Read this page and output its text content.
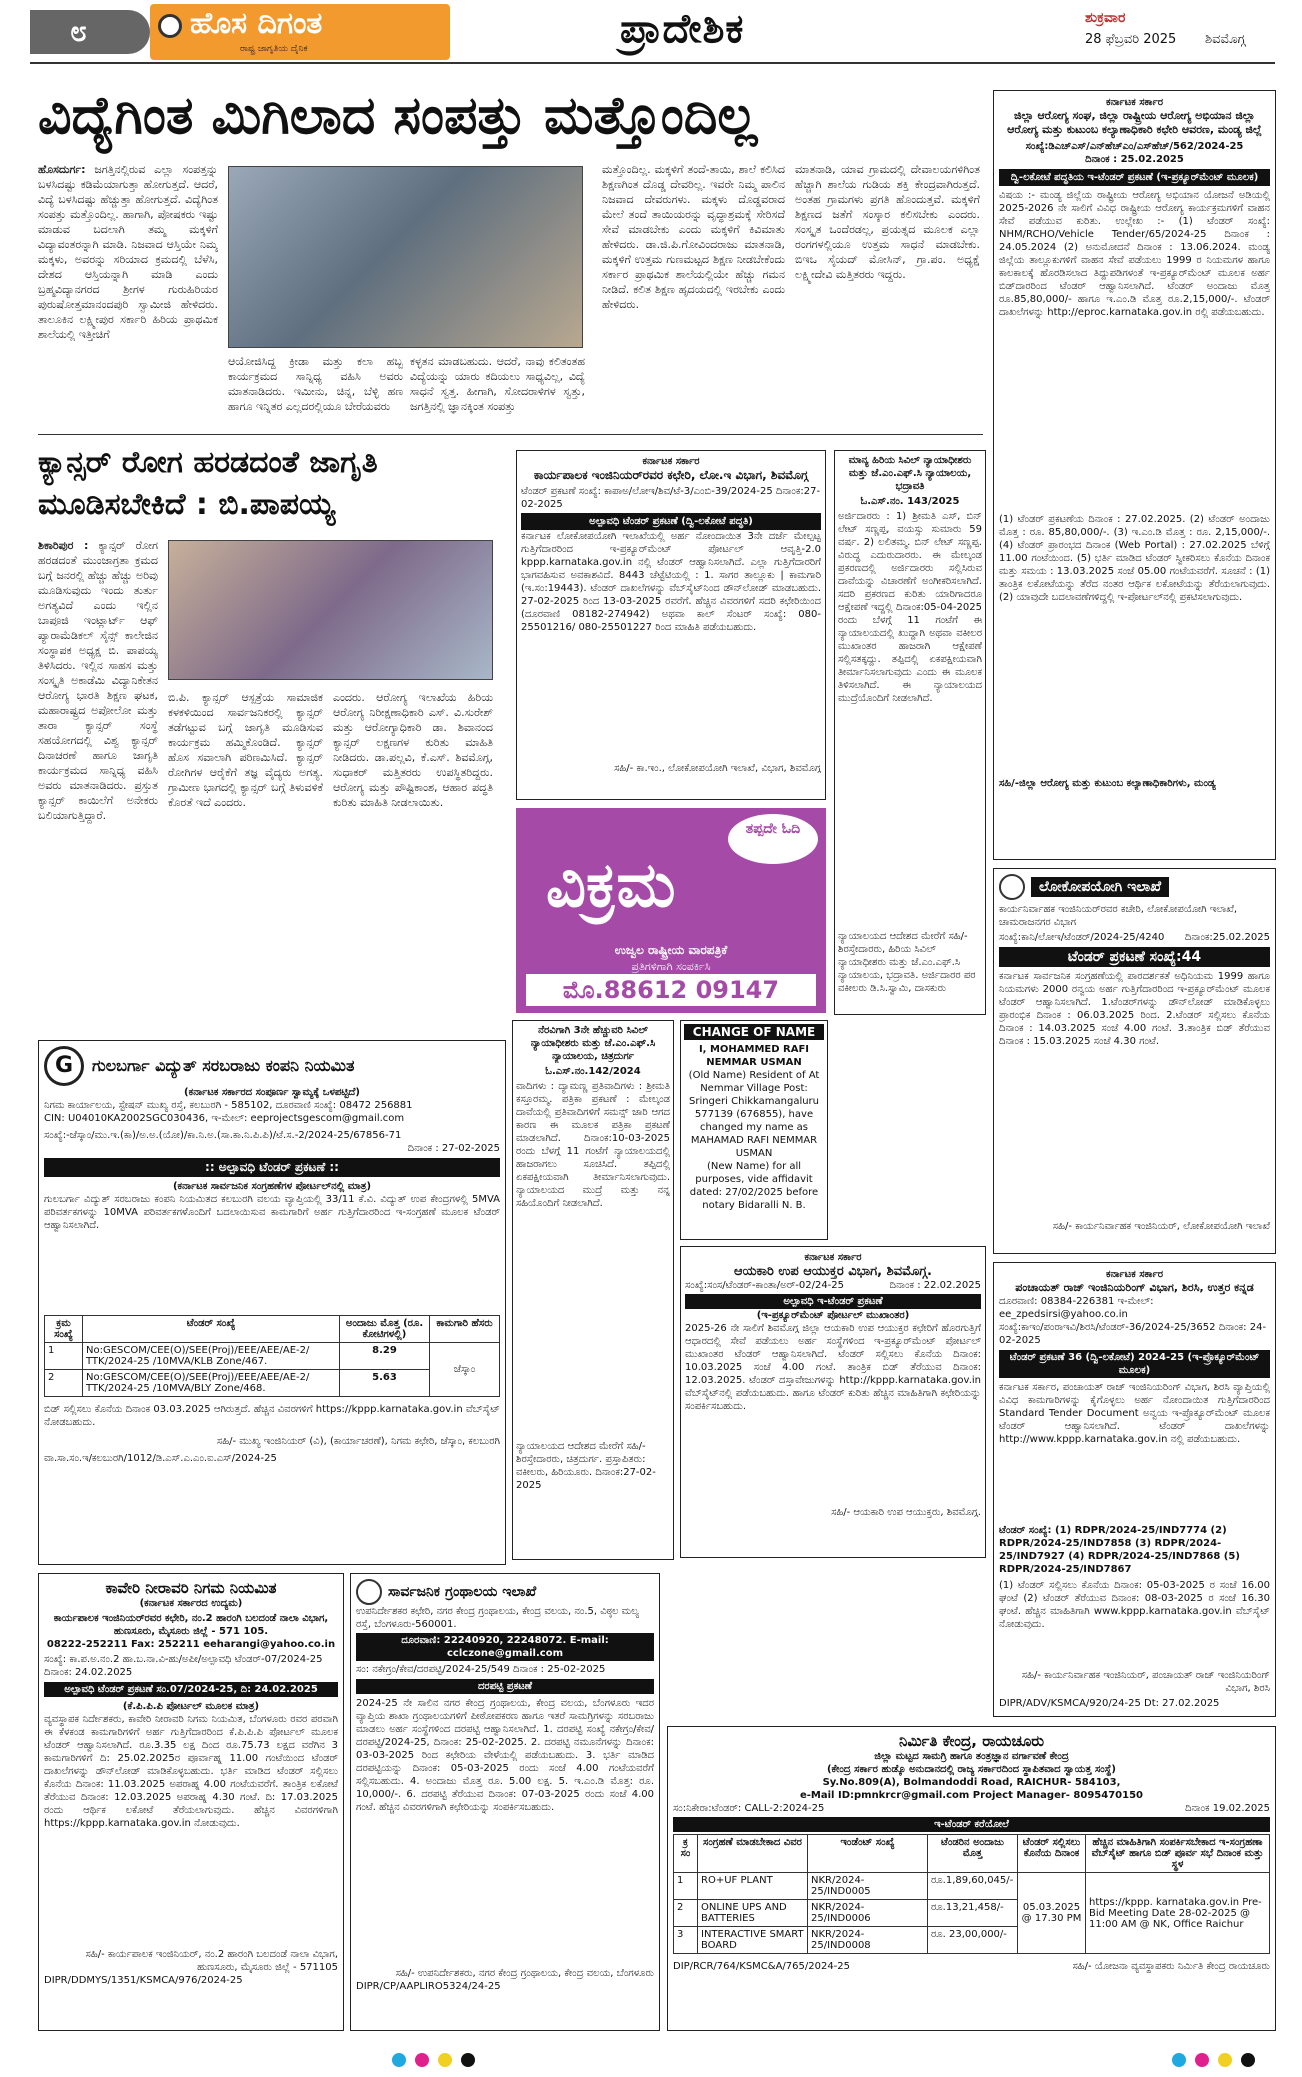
೮	ಹೊಸ ದಿಗಂತ
ರಾಷ್ಟ್ರ ಜಾಗೃತಿಯ ದೈನಿಕ	ಪ್ರಾದೇಶಿಕ	ಶುಕ್ರವಾರ
28 ಫೆಬ್ರವರಿ 2025 ಶಿವಮೊಗ್ಗ
ವಿದ್ಯೆಗಿಂತ ಮಿಗಿಲಾದ ಸಂಪತ್ತು ಮತ್ತೊಂದಿಲ್ಲ
ಹೊಸದುರ್ಗ: ಜಗತ್ತಿನಲ್ಲಿರುವ ಎಲ್ಲಾ ಸಂಪತ್ತನ್ನು ಬಳಸಿದಷ್ಟು ಕಡಿಮೆಯಾಗುತ್ತಾ ಹೋಗುತ್ತದೆ. ಆದರೆ, ವಿದ್ಯೆ ಬಳಸಿದಷ್ಟು ಹೆಚ್ಚುತ್ತಾ ಹೋಗುತ್ತದೆ. ವಿದ್ಯೆಗಿಂತ ಸಂಪತ್ತು ಮತ್ತೊಂದಿಲ್ಲ. ಹಾಗಾಗಿ, ಪೋಷಕರು ಇಷ್ಟು ಮಾಡುವ ಬದಲಾಗಿ ತಮ್ಮ ಮಕ್ಕಳಿಗೆ ವಿದ್ಯಾವಂತರನ್ನಾಗಿ ಮಾಡಿ. ನಿಜವಾದ ಆಸ್ತಿಯೇ ನಿಮ್ಮ ಮಕ್ಕಳು, ಅವರನ್ನು ಸರಿಯಾದ ಕ್ರಮದಲ್ಲಿ ಬೆಳೆಸಿ, ದೇಶದ ಆಸ್ತಿಯನ್ನಾಗಿ ಮಾಡಿ ಎಂದು ಬ್ರಹ್ಮವಿದ್ಯಾನಗರದ ಶ್ರೀಗಳ ಗುರುಹಿರಿಯರ ಪುರುಷೋತ್ತಮಾನಂದಪುರಿ ಸ್ವಾಮೀಜಿ ಹೇಳಿದರು. ತಾಲೂಕಿನ ಲಕ್ಷ್ಮೀಪುರ ಸರ್ಕಾರಿ ಹಿರಿಯ ಪ್ರಾಥಮಿಕ ಶಾಲೆಯಲ್ಲಿ ಇತ್ತೀಚಿಗೆ
ಆಯೋಜಿಸಿದ್ದ ಕ್ರೀಡಾ ಮತ್ತು ಕಲಾ ಹಬ್ಬ ಕಾರ್ಯಕ್ರಮದ ಸಾನ್ನಿಧ್ಯ ವಹಿಸಿ ಅವರು ಮಾತನಾಡಿದರು. ಇಮೀನು, ಚಿನ್ನ, ಬೆಳ್ಳಿ ಹಣ ಹಾಗೂ ಇನ್ನಿತರ ಎಲ್ಲದರಲ್ಲಿಯೂ ಬೇರೆಯವರು
ಕಳ್ಳತನ ಮಾಡಬಹುದು. ಆದರೆ, ನಾವು ಕಲಿತಂತಹ ವಿದ್ಯೆಯನ್ನು ಯಾರು ಕದಿಯಲು ಸಾಧ್ಯವಿಲ್ಲ, ವಿದ್ಯೆ ಸಾಧನೆ ಸ್ವತ್ತ. ಹೀಗಾಗಿ, ಸೋದರಾಳಿಗಳ ಸ್ವತ್ತು, ಜಗತ್ತಿನಲ್ಲಿ ಜ್ಞಾನಕ್ಕಿಂತ ಸಂಪತ್ತು
ಮತ್ತೊಂದಿಲ್ಲ. ಮಕ್ಕಳಿಗೆ ತಂದೆ-ತಾಯಿ, ಶಾಲೆ ಕಲಿಸಿದ ಶಿಕ್ಷಣಗಿಂತ ದೊಡ್ಡ ದೇವರಿಲ್ಲ. ಇವರೇ ನಿಮ್ಮ ಪಾಲಿನ ನಿಜವಾದ ದೇವರುಗಳು. ಮಕ್ಕಳು ದೊಡ್ಡವರಾದ ಮೇಲೆ ತಂದೆ ತಾಯಿಯರನ್ನು ವೃದ್ಧಾಶ್ರಮಕ್ಕೆ ಸೇರಿಸದೆ ಸೇವೆ ಮಾಡಬೇಕು ಎಂದು ಮಕ್ಕಳಿಗೆ ಕಿವಿಮಾತು ಹೇಳಿದರು. ಡಾ.ಜಿ.ಪಿ.ಗೋವಿಂದರಾಜು ಮಾತನಾಡಿ, ಮಕ್ಕಳಿಗೆ ಉತ್ತಮ ಗುಣಮಟ್ಟದ ಶಿಕ್ಷಣ ನೀಡಬೇಕೆಂದು ಸರ್ಕಾರ ಪ್ರಾಥಮಿಕ ಶಾಲೆಯಲ್ಲಿಯೇ ಹೆಚ್ಚು ಗಮನ ನೀಡಿದೆ. ಕಲಿತ ಶಿಕ್ಷಣ ಹೃದಯದಲ್ಲಿ ಇರಬೇಕು ಎಂದು ಹೇಳಿದರು.
ಮಾತನಾಡಿ, ಯಾವ ಗ್ರಾಮದಲ್ಲಿ ದೇವಾಲಯಗಳಿಗಿಂತ ಹೆಚ್ಚಾಗಿ ಶಾಲೆಯ ಗುಡಿಯ ಶಕ್ತಿ ಕೇಂದ್ರವಾಗಿರುತ್ತದೆ. ಅಂತಹ ಗ್ರಾಮಗಳು ಪ್ರಗತಿ ಹೊಂದುತ್ತವೆ. ಮಕ್ಕಳಿಗೆ ಶಿಕ್ಷಣದ ಜತೆಗೆ ಸಂಸ್ಕಾರ ಕಲಿಸಬೇಕು ಎಂದರು. ಸಂಸ್ಕೃತ ಒಂದೆರಡಲ್ಲ, ಪ್ರಯತ್ನದ ಮೂಲಕ ಎಲ್ಲಾ ರಂಗಗಳಲ್ಲಿಯೂ ಉತ್ತಮ ಸಾಧನೆ ಮಾಡಬೇಕು. ಬಿಇಒ ಸೈಯದ್ ಮೋಸಿನ್, ಗ್ರಾ.ಪಂ. ಅಧ್ಯಕ್ಷೆ ಲಕ್ಷ್ಮೀದೇವಿ ಮತ್ತಿತರರು ಇದ್ದರು.
ಕ್ಯಾನ್ಸರ್ ರೋಗ ಹರಡದಂತೆ ಜಾಗೃತಿ
ಮೂಡಿಸಬೇಕಿದೆ : ಬಿ.ಪಾಪಯ್ಯ
ಶಿಕಾರಿಪುರ : ಕ್ಯಾನ್ಸರ್ ರೋಗ ಹರಡದಂತೆ ಮುಂಜಾಗ್ರತಾ ಕ್ರಮದ ಬಗ್ಗೆ ಜನರಲ್ಲಿ ಹೆಚ್ಚು ಹೆಚ್ಚು ಅರಿವು ಮೂಡಿಸುವುದು ಇಂದು ತುರ್ತು ಅಗತ್ಯವಿದೆ ಎಂದು ಇಲ್ಲಿನ ಬಾಪೂಜಿ ಇಂಟ್ಲಾರ್ಟ್ ಆಫ್ ಪ್ಯಾರಾಮೆಡಿಕಲ್ ಸೈನ್ಸ್ ಕಾಲೇಜಿನ ಸಂಸ್ಥಾಪಕ ಅಧ್ಯಕ್ಷ ಬಿ. ಪಾಪಯ್ಯ ತಿಳಿಸಿದರು. ಇಲ್ಲಿನ ಸಾಹಸ ಮತ್ತು ಸಂಸ್ಕೃತಿ ಅಕಾಡೆಮಿ ವಿದ್ಯಾನಿಕೇತನ ಆರೋಗ್ಯ ಭಾರತಿ ಶಿಕ್ಷಣ ಘಟಕ, ಮಹಾರಾಷ್ಟ್ರದ ಅಪೋಲೋ ಮತ್ತು ತಾರಾ ಕ್ಯಾನ್ಸರ್ ಸಂಸ್ಥೆ ಸಹಯೋಗದಲ್ಲಿ ವಿಶ್ವ ಕ್ಯಾನ್ಸರ್ ದಿನಾಚರಣೆ ಹಾಗೂ ಜಾಗೃತಿ ಕಾರ್ಯಕ್ರಮದ ಸಾನ್ನಿಧ್ಯ ವಹಿಸಿ ಅವರು ಮಾತನಾಡಿದರು. ಪ್ರಸ್ತುತ ಕ್ಯಾನ್ಸರ್ ಕಾಯಿಲೆಗೆ ಅನೇಕರು ಬಲಿಯಾಗುತ್ತಿದ್ದಾರೆ.
ಬಿ.ಪಿ. ಕ್ಯಾನ್ಸರ್ ಆಸ್ಪತ್ರೆಯ ಸಾಮಾಜಿಕ ಕಳಕಳಿಯಿಂದ ಸಾರ್ವಜನಿಕರಲ್ಲಿ ಕ್ಯಾನ್ಸರ್ ತಡೆಗಟ್ಟುವ ಬಗ್ಗೆ ಜಾಗೃತಿ ಮೂಡಿಸುವ ಕಾರ್ಯಕ್ರಮ ಹಮ್ಮಿಕೊಂಡಿದೆ. ಕ್ಯಾನ್ಸರ್ ಹೊಸ ಸವಾಲಾಗಿ ಪರಿಣಮಿಸಿದೆ. ಕ್ಯಾನ್ಸರ್ ರೋಗಿಗಳ ಆರೈಕೆಗೆ ತಜ್ಞ ವೈದ್ಯರು ಅಗತ್ಯ. ಗ್ರಾಮೀಣ ಭಾಗದಲ್ಲಿ ಕ್ಯಾನ್ಸರ್ ಬಗ್ಗೆ ತಿಳುವಳಿಕೆ ಕೊರತೆ ಇದೆ ಎಂದರು.
ಎಂದರು. ಆರೋಗ್ಯ ಇಲಾಖೆಯ ಹಿರಿಯ ಆರೋಗ್ಯ ನಿರೀಕ್ಷಣಾಧಿಕಾರಿ ಎಸ್. ವಿ.ಸುರೇಶ್ ಮತ್ತು ಆರೋಗ್ಯಾಧಿಕಾರಿ ಡಾ. ಶಿವಾನಂದ ಕ್ಯಾನ್ಸರ್ ಲಕ್ಷಣಗಳ ಕುರಿತು ಮಾಹಿತಿ ನೀಡಿದರು. ಡಾ.ಪಲ್ಲವಿ, ಕೆ.ಎಸ್. ಶಿವಮೊಗ್ಗ, ಸುಧಾಕರ್ ಮತ್ತಿತರರು ಉಪಸ್ಥಿತರಿದ್ದರು. ಆರೋಗ್ಯ ಮತ್ತು ಪೌಷ್ಟಿಕಾಂಶ, ಆಹಾರ ಪದ್ಧತಿ ಕುರಿತು ಮಾಹಿತಿ ನೀಡಲಾಯಿತು.
ಕರ್ನಾಟಕ ಸರ್ಕಾರ
ಕಾರ್ಯಪಾಲಕ ಇಂಜಿನಿಯರ್‌ರವರ ಕಛೇರಿ, ಲೋ.ಇ ವಿಭಾಗ, ಶಿವಮೊಗ್ಗ
ಟೆಂಡರ್ ಪ್ರಕಟಣೆ ಸಂಖ್ಯೆ: ಕಾಪಾಅ/ಲೋಇ/ಶಿವ/ಟೆ-3/ಎಂಬಿ-39/2024-25 ದಿನಾಂಕ:27-02-2025
ಅಲ್ಪಾವಧಿ ಟೆಂಡರ್ ಪ್ರಕಟಣೆ (ದ್ವಿ-ಲಕೋಟೆ ಪದ್ಧತಿ)
ಕರ್ನಾಟಕ ಲೋಕೋಪಯೋಗಿ ಇಲಾಖೆಯಲ್ಲಿ ಅರ್ಹ ನೋಂದಾಯಿತ 3ನೇ ದರ್ಜೆ ಮೇಲ್ಪಟ್ಟ ಗುತ್ತಿಗೆದಾರರಿಂದ ಇ-ಪ್ರಕ್ಯೂರ್‌ಮೆಂಟ್ ಪೋರ್ಟಲ್ ಆವೃತ್ತಿ-2.0 kppp.karnataka.gov.in ನಲ್ಲಿ ಟೆಂಡರ್ ಆಹ್ವಾನಿಸಲಾಗಿದೆ. ಎಲ್ಲಾ ಗುತ್ತಿಗೆದಾರರಿಗೆ ಭಾಗವಹಿಸುವ ಅವಕಾಶವಿದೆ. 8443 ಚೆಟ್ಟೆಟಿಯಲ್ಲಿ : 1. ಸಾಗರ ತಾಲ್ಲೂಕು | ಕಾಮಗಾರಿ (ಇ.ಸಂ:19443). ಟೆಂಡರ್ ದಾಖಲೆಗಳನ್ನು ವೆಬ್‌ಸೈಟ್‌ನಿಂದ ಡೌನ್‌ಲೋಡ್ ಮಾಡಬಹುದು. 27-02-2025 ರಿಂದ 13-03-2025 ರವರೆಗೆ. ಹೆಚ್ಚಿನ ವಿವರಗಳಿಗೆ ಸದರಿ ಕಛೇರಿಯಿಂದ (ದೂರವಾಣಿ 08182-274942) ಅಥವಾ ಕಾಲ್ ಸೆಂಟರ್ ಸಂಖ್ಯೆ: 080-25501216/ 080-25501227 ರಿಂದ ಮಾಹಿತಿ ಪಡೆಯಬಹುದು.
ಸಹಿ/- ಕಾ.ಇಂ., ಲೋಕೋಪಯೋಗಿ ಇಲಾಖೆ, ವಿಭಾಗ, ಶಿವಮೊಗ್ಗ
ತಪ್ಪದೇ ಓದಿ
ವಿಕ್ರಮ
ಉಜ್ವಲ ರಾಷ್ಟ್ರೀಯ ವಾರಪತ್ರಿಕೆ
ಪ್ರತಿಗಳಿಗಾಗಿ ಸಂಪರ್ಕಿಸಿ
ಮೊ.88612 09147
ಮಾನ್ಯ ಹಿರಿಯ ಸಿವಿಲ್ ನ್ಯಾಯಾಧೀಶರು ಮತ್ತು ಜೆ.ಎಂ.ಎಫ್.ಸಿ ನ್ಯಾಯಾಲಯ, ಭದ್ರಾವತಿ
ಓ.ಎಸ್.ನಂ. 143/2025
ಅರ್ಜಿದಾರರು : 1) ಶ್ರೀಮತಿ ಎಸ್, ಬಿನ್ ಲೇಟ್ ಸಣ್ಣಪ್ಪ, ವಯಸ್ಸು ಸುಮಾರು 59 ವರ್ಷ. 2) ಲಲಿತಮ್ಮ. ಬಿನ್ ಲೇಟ್ ಸಣ್ಣಪ್ಪ. ವಿರುದ್ಧ ಎದುರುದಾರರು. ಈ ಮೇಲ್ಕಂಡ ಪ್ರಕರಣದಲ್ಲಿ ಅರ್ಜಿದಾರರು ಸಲ್ಲಿಸಿರುವ ದಾವೆಯನ್ನು ವಿಚಾರಣೆಗೆ ಅಂಗೀಕರಿಸಲಾಗಿದೆ. ಸದರಿ ಪ್ರಕರಣದ ಕುರಿತು ಯಾರಿಗಾದರೂ ಆಕ್ಷೇಪಣೆ ಇದ್ದಲ್ಲಿ ದಿನಾಂಕ:05-04-2025 ರಂದು ಬೆಳಗ್ಗೆ 11 ಗಂಟೆಗೆ ಈ ನ್ಯಾಯಾಲಯದಲ್ಲಿ ಖುದ್ದಾಗಿ ಅಥವಾ ವಕೀಲರ ಮುಖಾಂತರ ಹಾಜರಾಗಿ ಆಕ್ಷೇಪಣೆ ಸಲ್ಲಿಸತಕ್ಕದ್ದು. ತಪ್ಪಿದಲ್ಲಿ ಏಕಪಕ್ಷೀಯವಾಗಿ ತೀರ್ಮಾನಿಸಲಾಗುವುದು ಎಂದು ಈ ಮೂಲಕ ತಿಳಿಸಲಾಗಿದೆ. ಈ ನ್ಯಾಯಾಲಯದ ಮುದ್ರೆಯೊಂದಿಗೆ ನೀಡಲಾಗಿದೆ.
ನ್ಯಾಯಾಲಯದ ಆದೇಶದ ಮೇರೆಗೆ ಸಹಿ/- ಶಿರಸ್ತೇದಾರರು, ಹಿರಿಯ ಸಿವಿಲ್ ನ್ಯಾಯಾಧೀಶರು ಮತ್ತು ಜೆ.ಎಂ.ಎಫ್.ಸಿ ನ್ಯಾಯಾಲಯ, ಭದ್ರಾವತಿ. ಅರ್ಜಿದಾರರ ಪರ ವಕೀಲರು ಡಿ.ಸಿ.ಸ್ವಾಮಿ, ದಾಸಕುರು
ಕರ್ನಾಟಕ ಸರ್ಕಾರ
ಜಿಲ್ಲಾ ಆರೋಗ್ಯ ಸಂಘ, ಜಿಲ್ಲಾ ರಾಷ್ಟ್ರೀಯ ಆರೋಗ್ಯ ಅಭಿಯಾನ ಜಿಲ್ಲಾ ಆರೋಗ್ಯ ಮತ್ತು ಕುಟುಂಬ ಕಲ್ಯಾಣಾಧಿಕಾರಿ ಕಛೇರಿ ಆವರಣ, ಮಂಡ್ಯ ಜಿಲ್ಲೆ
ಸಂಖ್ಯೆ:ಡಿಎಚ್‌ಎಸ್/ಎನ್‌ಹೆಚ್‌ಎಂ/ಎಸ್‌ಹೆಚ್/562/2024-25
ದಿನಾಂಕ : 25.02.2025
ದ್ವಿ-ಲಕೋಟೆ ಪದ್ಧತಿಯ ಇ-ಟೆಂಡರ್ ಪ್ರಕಟಣೆ (ಇ-ಪ್ರಕ್ಯೂರ್‌ಮೆಂಟ್ ಮೂಲಕ)
ವಿಷಯ :- ಮಂಡ್ಯ ಜಿಲ್ಲೆಯ ರಾಷ್ಟ್ರೀಯ ಆರೋಗ್ಯ ಅಭಿಯಾನ ಯೋಜನೆ ಅಡಿಯಲ್ಲಿ 2025-2026 ನೇ ಸಾಲಿಗೆ ವಿವಿಧ ರಾಷ್ಟ್ರೀಯ ಆರೋಗ್ಯ ಕಾರ್ಯಕ್ರಮಗಳಿಗೆ ವಾಹನ ಸೇವೆ ಪಡೆಯುವ ಕುರಿತು. ಉಲ್ಲೇಖ :- (1) ಟೆಂಡರ್ ಸಂಖ್ಯೆ: NHM/RCHO/Vehicle Tender/65/2024-25 ದಿನಾಂಕ : 24.05.2024 (2) ಅನುಮೋದನೆ ದಿನಾಂಕ : 13.06.2024. ಮಂಡ್ಯ ಜಿಲ್ಲೆಯ ತಾಲ್ಲೂಕುಗಳಿಗೆ ವಾಹನ ಸೇವೆ ಪಡೆಯಲು 1999 ರ ನಿಯಮಗಳ ಹಾಗೂ ಕಾಲಕಾಲಕ್ಕೆ ಹೊರಡಿಸಲಾದ ತಿದ್ದುಪಡಿಗಳಂತೆ ಇ-ಪ್ರಕ್ಯೂರ್‌ಮೆಂಟ್ ಮೂಲಕ ಅರ್ಹ ಬಿಡ್‌ದಾರರಿಂದ ಟೆಂಡರ್ ಆಹ್ವಾನಿಸಲಾಗಿದೆ. ಟೆಂಡರ್ ಅಂದಾಜು ಮೊತ್ತ ರೂ.85,80,000/- ಹಾಗೂ ಇ.ಎಂ.ಡಿ ಮೊತ್ತ ರೂ.2,15,000/-. ಟೆಂಡರ್ ದಾಖಲೆಗಳನ್ನು http://eproc.karnataka.gov.in ರಲ್ಲಿ ಪಡೆಯಬಹುದು.
(1) ಟೆಂಡರ್ ಪ್ರಕಟಣೆಯ ದಿನಾಂಕ : 27.02.2025. (2) ಟೆಂಡರ್ ಅಂದಾಜು ಮೊತ್ತ : ರೂ. 85,80,000/-. (3) ಇ.ಎಂ.ಡಿ ಮೊತ್ತ : ರೂ. 2,15,000/-. (4) ಟೆಂಡರ್ ಪ್ರಾರಂಭದ ದಿನಾಂಕ (Web Portal) : 27.02.2025 ಬೆಳಿಗ್ಗೆ 11.00 ಗಂಟೆಯಿಂದ. (5) ಭರ್ತಿ ಮಾಡಿದ ಟೆಂಡರ್ ಸ್ವೀಕರಿಸಲು ಕೊನೆಯ ದಿನಾಂಕ ಮತ್ತು ಸಮಯ : 13.03.2025 ಸಂಜೆ 05.00 ಗಂಟೆಯವರೆಗೆ. ಸೂಚನೆ : (1) ತಾಂತ್ರಿಕ ಲಕೋಟೆಯನ್ನು ತೆರೆದ ನಂತರ ಆರ್ಥಿಕ ಲಕೋಟೆಯನ್ನು ತೆರೆಯಲಾಗುವುದು. (2) ಯಾವುದೇ ಬದಲಾವಣೆಗಳಿದ್ದಲ್ಲಿ ಇ-ಪೋರ್ಟಲ್‌ನಲ್ಲಿ ಪ್ರಕಟಿಸಲಾಗುವುದು.
ಸಹಿ/-ಜಿಲ್ಲಾ ಆರೋಗ್ಯ ಮತ್ತು ಕುಟುಂಬ ಕಲ್ಯಾಣಾಧಿಕಾರಿಗಳು, ಮಂಡ್ಯ
ಲೋಕೋಪಯೋಗಿ ಇಲಾಖೆ
ಕಾರ್ಯನಿರ್ವಾಹಕ ಇಂಜಿನಿಯರ್‌ರವರ ಕಚೇರಿ, ಲೋಕೋಪಯೋಗಿ ಇಲಾಖೆ, ಚಾಮರಾಜನಗರ ವಿಭಾಗ
ಸಂಖ್ಯೆ:ಕಾನಿ/ಲೋಇ/ಟೆಂಡರ್/2024-25/4240 ದಿನಾಂಕ:25.02.2025
ಟೆಂಡರ್ ಪ್ರಕಟಣೆ ಸಂಖ್ಯೆ:44
ಕರ್ನಾಟಕ ಸಾರ್ವಜನಿಕ ಸಂಗ್ರಹಣೆಯಲ್ಲಿ ಪಾರದರ್ಶಕತೆ ಅಧಿನಿಯಮ 1999 ಹಾಗೂ ನಿಯಮಗಳು 2000 ರನ್ವಯ ಅರ್ಹ ಗುತ್ತಿಗೆದಾರರಿಂದ ಇ-ಪ್ರಕ್ಯೂರ್‌ಮೆಂಟ್ ಮೂಲಕ ಟೆಂಡರ್ ಆಹ್ವಾನಿಸಲಾಗಿದೆ. 1.ಟೆಂಡರ್‌ಗಳನ್ನು ಡೌನ್‌ಲೋಡ್ ಮಾಡಿಕೊಳ್ಳಲು ಪ್ರಾರಂಭಿಕ ದಿನಾಂಕ : 06.03.2025 ರಿಂದ. 2.ಟೆಂಡರ್ ಸಲ್ಲಿಸಲು ಕೊನೆಯ ದಿನಾಂಕ : 14.03.2025 ಸಂಜೆ 4.00 ಗಂಟೆ. 3.ತಾಂತ್ರಿಕ ಬಿಡ್ ತೆರೆಯುವ ದಿನಾಂಕ : 15.03.2025 ಸಂಜೆ 4.30 ಗಂಟೆ.
ಸಹಿ/- ಕಾರ್ಯನಿರ್ವಾಹಕ ಇಂಜಿನಿಯರ್, ಲೋಕೋಪಯೋಗಿ ಇಲಾಖೆ
G	ಗುಲಬರ್ಗಾ ವಿದ್ಯುತ್ ಸರಬರಾಜು ಕಂಪನಿ ನಿಯಮಿತ
(ಕರ್ನಾಟಕ ಸರ್ಕಾರದ ಸಂಪೂರ್ಣ ಸ್ವಾಮ್ಯಕ್ಕೆ ಒಳಪಟ್ಟಿದೆ)
ನಿಗಮ ಕಾರ್ಯಾಲಯ, ಸ್ಟೇಷನ್ ಮುಖ್ಯ ರಸ್ತೆ, ಕಲಬುರಗಿ - 585102, ದೂರವಾಣಿ ಸಂಖ್ಯೆ: 08472 256881
CIN: U04010KA2002SGC030436, ಇ-ಮೇಲ್: eeprojectsgescom@gmail.com
ಸಂಖ್ಯೆ:-ಜೆಸ್ಕಾಂ/ಮು.ಇ.(ಕಾ)/ಅ.ಅ.(ಯೋ)/ಕಾ.ನಿ.ಅ.(ಸಾ.ಕಾ.ನಿ.ಪಿ.ಪಿ)/ಟೆ.ಸ.-2/2024-25/67856-71
ದಿನಾಂಕ : 27-02-2025
:: ಅಲ್ಪಾವಧಿ ಟೆಂಡರ್ ಪ್ರಕಟಣೆ ::
(ಕರ್ನಾಟಕ ಸಾರ್ವಜನಿಕ ಸಂಗ್ರಹಣೆಗಳ ಪೋರ್ಟಲ್‌ನಲ್ಲಿ ಮಾತ್ರ)
ಗುಲಬರ್ಗಾ ವಿದ್ಯುತ್ ಸರಬರಾಜು ಕಂಪನಿ ನಿಯಮಿತದ ಕಲಬುರಗಿ ವಲಯ ವ್ಯಾಪ್ತಿಯಲ್ಲಿ 33/11 ಕೆ.ವಿ. ವಿದ್ಯುತ್ ಉಪ ಕೇಂದ್ರಗಳಲ್ಲಿ 5MVA ಪರಿವರ್ತಕಗಳನ್ನು 10MVA ಪರಿವರ್ತಕಗಳೊಂದಿಗೆ ಬದಲಾಯಿಸುವ ಕಾಮಗಾರಿಗೆ ಅರ್ಹ ಗುತ್ತಿಗೆದಾರರಿಂದ ಇ-ಸಂಗ್ರಹಣೆ ಮೂಲಕ ಟೆಂಡರ್ ಆಹ್ವಾನಿಸಲಾಗಿದೆ.
ಕ್ರಮ ಸಂಖ್ಯೆ	ಟೆಂಡರ್ ಸಂಖ್ಯೆ	ಅಂದಾಜು ಮೊತ್ತ (ರೂ. ಕೋಟಿಗಳಲ್ಲಿ)	ಕಾಮಗಾರಿ ಹೆಸರು
1	No:GESCOM/CEE(O)/SEE(Proj)/EEE/AEE/AE-2/ TTK/2024-25 /10MVA/KLB Zone/467.	8.29	ಜೆಸ್ಕಾಂ
2	No:GESCOM/CEE(O)/SEE(Proj)/EEE/AEE/AE-2/ TTK/2024-25 /10MVA/BLY Zone/468.	5.63	
ಬಿಡ್ ಸಲ್ಲಿಸಲು ಕೊನೆಯ ದಿನಾಂಕ 03.03.2025 ಆಗಿರುತ್ತದೆ. ಹೆಚ್ಚಿನ ವಿವರಗಳಿಗೆ https://kppp.karnataka.gov.in ವೆಬ್‌ಸೈಟ್ ನೋಡಬಹುದು.
ಸಹಿ/- ಮುಖ್ಯ ಇಂಜಿನಿಯರ್ (ವಿ), (ಕಾರ್ಯಾಚರಣೆ), ನಿಗಮ ಕಛೇರಿ, ಜೆಸ್ಕಾಂ, ಕಲಬುರಗಿ
ವಾ.ಸಾ.ಸಂ.ಇ/ಕಲಬುರಗಿ/1012/ಡಿ.ಎಸ್.ಎ.ಎಂ.ಐ.ಎಸ್/2024-25
ನೆರವಿಗಾಗಿ 3ನೇ ಹೆಚ್ಚುವರಿ ಸಿವಿಲ್ ನ್ಯಾಯಾಧೀಶರು ಮತ್ತು ಜೆ.ಎಂ.ಎಫ್.ಸಿ ನ್ಯಾಯಾಲಯ, ಚಿತ್ರದುರ್ಗ
ಓ.ಎಸ್.ನಂ.142/2024
ವಾದಿಗಳು : ದ್ಯಾಮಣ್ಣ ಪ್ರತಿವಾದಿಗಳು : ಶ್ರೀಮತಿ ಕಸ್ತೂರಮ್ಮ. ಪತ್ರಿಕಾ ಪ್ರಕಟಣೆ : ಮೇಲ್ಕಂಡ ದಾವೆಯಲ್ಲಿ ಪ್ರತಿವಾದಿಗಳಿಗೆ ಸಮನ್ಸ್ ಜಾರಿ ಆಗದ ಕಾರಣ ಈ ಮೂಲಕ ಪತ್ರಿಕಾ ಪ್ರಕಟಣೆ ಮಾಡಲಾಗಿದೆ. ದಿನಾಂಕ:10-03-2025 ರಂದು ಬೆಳಗ್ಗೆ 11 ಗಂಟೆಗೆ ನ್ಯಾಯಾಲಯದಲ್ಲಿ ಹಾಜರಾಗಲು ಸೂಚಿಸಿದೆ. ತಪ್ಪಿದಲ್ಲಿ ಏಕಪಕ್ಷೀಯವಾಗಿ ತೀರ್ಮಾನಿಸಲಾಗುವುದು. ನ್ಯಾಯಾಲಯದ ಮುದ್ರೆ ಮತ್ತು ನನ್ನ ಸಹಿಯೊಂದಿಗೆ ನೀಡಲಾಗಿದೆ.
ನ್ಯಾಯಾಲಯದ ಆದೇಶದ ಮೇರೆಗೆ ಸಹಿ/- ಶಿರಸ್ತೇದಾರರು, ಚಿತ್ರದುರ್ಗ. ಪ್ರಸ್ತಾಪಿತರು: ವಕೀಲರು, ಹಿರಿಯೂರು. ದಿನಾಂಕ:27-02-2025
CHANGE OF NAME
I, MOHAMMED RAFI NEMMAR USMAN
(Old Name) Resident of At Nemmar Village Post: Sringeri Chikkamangaluru 577139 (676855), have changed my name as MAHAMAD RAFI NEMMAR USMAN
(New Name) for all purposes, vide affidavit dated: 27/02/2025 before notary Bidaralli N. B.
ಕರ್ನಾಟಕ ಸರ್ಕಾರ
ಆಯಕಾರಿ ಉಪ ಆಯುಕ್ತರ ವಿಭಾಗ, ಶಿವಮೊಗ್ಗ.
ಸಂಖ್ಯೆ:ಸಂಸ/ಟೆಂಡರ್-ಕಾಂತಾ/ಅರ್-02/24-25	ದಿನಾಂಕ : 22.02.2025
ಅಲ್ಪಾವಧಿ ಇ-ಟೆಂಡರ್ ಪ್ರಕಟಣೆ
(ಇ-ಪ್ರಕ್ಯೂರ್‌ಮೆಂಟ್ ಪೋರ್ಟಲ್ ಮುಖಾಂತರ)
2025-26 ನೇ ಸಾಲಿಗೆ ಶಿವಮೊಗ್ಗ ಜಿಲ್ಲಾ ಆಯಕಾರಿ ಉಪ ಆಯುಕ್ತರ ಕಛೇರಿಗೆ ಹೊರಗುತ್ತಿಗೆ ಆಧಾರದಲ್ಲಿ ಸೇವೆ ಪಡೆಯಲು ಅರ್ಹ ಸಂಸ್ಥೆಗಳಿಂದ ಇ-ಪ್ರಕ್ಯೂರ್‌ಮೆಂಟ್ ಪೋರ್ಟಲ್ ಮುಖಾಂತರ ಟೆಂಡರ್ ಆಹ್ವಾನಿಸಲಾಗಿದೆ. ಟೆಂಡರ್ ಸಲ್ಲಿಸಲು ಕೊನೆಯ ದಿನಾಂಕ: 10.03.2025 ಸಂಜೆ 4.00 ಗಂಟೆ. ತಾಂತ್ರಿಕ ಬಿಡ್ ತೆರೆಯುವ ದಿನಾಂಕ: 12.03.2025. ಟೆಂಡರ್ ದಸ್ತಾವೇಜುಗಳನ್ನು http://kppp.karnataka.gov.in ವೆಬ್‌ಸೈಟ್‌ನಲ್ಲಿ ಪಡೆಯಬಹುದು. ಹಾಗೂ ಟೆಂಡರ್ ಕುರಿತು ಹೆಚ್ಚಿನ ಮಾಹಿತಿಗಾಗಿ ಕಛೇರಿಯನ್ನು ಸಂಪರ್ಕಿಸಬಹುದು.
ಸಹಿ/- ಆಯಕಾರಿ ಉಪ ಆಯುಕ್ತರು, ಶಿವಮೊಗ್ಗ.
ಕರ್ನಾಟಕ ಸರ್ಕಾರ
ಪಂಚಾಯತ್ ರಾಜ್ ಇಂಜಿನಿಯರಿಂಗ್ ವಿಭಾಗ, ಶಿರಸಿ, ಉತ್ತರ ಕನ್ನಡ
ದೂರವಾಣಿ: 08384-226381 ಇ-ಮೇಲ್: ee_zpedsirsi@yahoo.co.in
ಸಂಖ್ಯೆ:ಕಾಇಂ/ಪಂರಾಇವಿ/ಶಿರಸಿ/ಟೆಂಡರ್-36/2024-25/3652 ದಿನಾಂಕ: 24-02-2025
ಟೆಂಡರ್ ಪ್ರಕಟಣೆ 36 (ದ್ವಿ-ಲಕೋಟೆ) 2024-25 (ಇ-ಪ್ರೊಕ್ಯೂರ್‌ಮೆಂಟ್ ಮೂಲಕ)
ಕರ್ನಾಟಕ ಸರ್ಕಾರ, ಪಂಚಾಯತ್ ರಾಜ್ ಇಂಜಿನಿಯರಿಂಗ್ ವಿಭಾಗ, ಶಿರಸಿ ವ್ಯಾಪ್ತಿಯಲ್ಲಿ ವಿವಿಧ ಕಾಮಗಾರಿಗಳನ್ನು ಕೈಗೊಳ್ಳಲು ಅರ್ಹ ನೋಂದಾಯಿತ ಗುತ್ತಿಗೆದಾರರಿಂದ Standard Tender Document ಅನ್ವಯ ಇ-ಪ್ರೊಕ್ಯೂರ್‌ಮೆಂಟ್ ಮೂಲಕ ಟೆಂಡರ್ ಆಹ್ವಾನಿಸಲಾಗಿದೆ. ಟೆಂಡರ್ ದಾಖಲೆಗಳನ್ನು http://www.kppp.karnataka.gov.in ನಲ್ಲಿ ಪಡೆಯಬಹುದು.
ಟೆಂಡರ್ ಸಂಖ್ಯೆ: (1) RDPR/2024-25/IND7774 (2) RDPR/2024-25/IND7858 (3) RDPR/2024-25/IND7927 (4) RDPR/2024-25/IND7868 (5) RDPR/2024-25/IND7867
(1) ಟೆಂಡರ್ ಸಲ್ಲಿಸಲು ಕೊನೆಯ ದಿನಾಂಕ: 05-03-2025 ರ ಸಂಜೆ 16.00 ಘಂಟೆ (2) ಟೆಂಡರ್ ತೆರೆಯುವ ದಿನಾಂಕ: 08-03-2025 ರ ಸಂಜೆ 16.30 ಘಂಟೆ. ಹೆಚ್ಚಿನ ಮಾಹಿತಿಗಾಗಿ www.kppp.karnataka.gov.in ವೆಬ್‌ಸೈಟ್ ನೋಡುವುದು.
ಸಹಿ/- ಕಾರ್ಯನಿರ್ವಾಹಕ ಇಂಜಿನಿಯರ್, ಪಂಚಾಯತ್ ರಾಜ್ ಇಂಜಿನಿಯರಿಂಗ್ ವಿಭಾಗ, ಶಿರಸಿ
DIPR/ADV/KSMCA/920/24-25 Dt: 27.02.2025
ಕಾವೇರಿ ನೀರಾವರಿ ನಿಗಮ ನಿಯಮಿತ
(ಕರ್ನಾಟಕ ಸರ್ಕಾರದ ಉದ್ಯಮ)
ಕಾರ್ಯಪಾಲಕ ಇಂಜಿನಿಯರ್‌ರವರ ಕಛೇರಿ, ನಂ.2 ಹಾರಂಗಿ ಬಲದಂಡೆ ನಾಲಾ ವಿಭಾಗ, ಹುಣಸೂರು, ಮೈಸೂರು ಜಿಲ್ಲೆ - 571 105.
08222-252211 Fax: 252211 eeharangi@yahoo.co.in
ಸಂಖ್ಯೆ: ಕಾ.ಪ.ಅ.ನಂ.2 ಹಾ.ಬ.ನಾ.ವಿ-ಹು/ಅಪೀ/ಅಲ್ಪಾವಧಿ ಟೆಂಡರ್-07/2024-25 ದಿನಾಂಕ: 24.02.2025
ಅಲ್ಪಾವಧಿ ಟೆಂಡರ್ ಪ್ರಕಟಣೆ ಸಂ.07/2024-25, ದಿ: 24.02.2025
(ಕೆ.ಪಿ.ಪಿ.ಪಿ ಪೋರ್ಟಲ್ ಮೂಲಕ ಮಾತ್ರ)
ವ್ಯವಸ್ಥಾಪಕ ನಿರ್ದೇಶಕರು, ಕಾವೇರಿ ನೀರಾವರಿ ನಿಗಮ ನಿಯಮಿತ, ಬೆಂಗಳೂರು ರವರ ಪರವಾಗಿ ಈ ಕೆಳಕಂಡ ಕಾಮಗಾರಿಗಳಿಗೆ ಅರ್ಹ ಗುತ್ತಿಗೆದಾರರಿಂದ ಕೆ.ಪಿ.ಪಿ.ಪಿ ಪೋರ್ಟಲ್ ಮೂಲಕ ಟೆಂಡರ್ ಆಹ್ವಾನಿಸಲಾಗಿದೆ. ರೂ.3.35 ಲಕ್ಷ ದಿಂದ ರೂ.75.73 ಲಕ್ಷದ ವರೆಗಿನ 3 ಕಾಮಗಾರಿಗಳಿಗೆ ದಿ: 25.02.2025ರ ಪೂರ್ವಾಹ್ನ 11.00 ಗಂಟೆಯಿಂದ ಟೆಂಡರ್ ದಾಖಲೆಗಳನ್ನು ಡೌನ್‌ಲೋಡ್ ಮಾಡಿಕೊಳ್ಳಬಹುದು. ಭರ್ತಿ ಮಾಡಿದ ಟೆಂಡರ್ ಸಲ್ಲಿಸಲು ಕೊನೆಯ ದಿನಾಂಕ: 11.03.2025 ಅಪರಾಹ್ನ 4.00 ಗಂಟೆಯವರೆಗೆ. ತಾಂತ್ರಿಕ ಲಕೋಟೆ ತೆರೆಯುವ ದಿನಾಂಕ: 12.03.2025 ಅಪರಾಹ್ನ 4.30 ಗಂಟೆ. ದಿ: 17.03.2025 ರಂದು ಆರ್ಥಿಕ ಲಕೋಟೆ ತೆರೆಯಲಾಗುವುದು. ಹೆಚ್ಚಿನ ವಿವರಗಳಿಗಾಗಿ https://kppp.karnataka.gov.in ನೋಡುವುದು.
ಸಹಿ/- ಕಾರ್ಯಪಾಲಕ ಇಂಜಿನಿಯರ್, ನಂ.2 ಹಾರಂಗಿ ಬಲದಂಡೆ ನಾಲಾ ವಿಭಾಗ, ಹುಣಸೂರು, ಮೈಸೂರು ಜಿಲ್ಲೆ - 571105
DIPR/DDMYS/1351/KSMCA/976/2024-25
ಸಾರ್ವಜನಿಕ ಗ್ರಂಥಾಲಯ ಇಲಾಖೆ
ಉಪನಿರ್ದೇಶಕರ ಕಛೇರಿ, ನಗರ ಕೇಂದ್ರ ಗ್ರಂಥಾಲಯ, ಕೇಂದ್ರ ವಲಯ, ನಂ.5, ವಿಠ್ಠಲ ಮಲ್ಯ ರಸ್ತೆ, ಬೆಂಗಳೂರು-560001.
ದೂರವಾಣಿ: 22240920, 22248072. E-mail: cclczone@gmail.com
ಸಂ: ನಕೇಗ್ರಂ/ಕೇವ/ದರಪಟ್ಟಿ/2024-25/549 ದಿನಾಂಕ : 25-02-2025
ದರಪಟ್ಟಿ ಪ್ರಕಟಣೆ
2024-25 ನೇ ಸಾಲಿನ ನಗರ ಕೇಂದ್ರ ಗ್ರಂಥಾಲಯ, ಕೇಂದ್ರ ವಲಯ, ಬೆಂಗಳೂರು ಇದರ ವ್ಯಾಪ್ತಿಯ ಶಾಖಾ ಗ್ರಂಥಾಲಯಗಳಿಗೆ ಪೀಠೋಪಕರಣ ಹಾಗೂ ಇತರೆ ಸಾಮಗ್ರಿಗಳನ್ನು ಸರಬರಾಜು ಮಾಡಲು ಅರ್ಹ ಸಂಸ್ಥೆಗಳಿಂದ ದರಪಟ್ಟಿ ಆಹ್ವಾನಿಸಲಾಗಿದೆ. 1. ದರಪಟ್ಟಿ ಸಂಖ್ಯೆ ನಕೇಗ್ರಂ/ಕೇವ/ದರಪಟ್ಟಿ/2024-25, ದಿನಾಂಕ: 25-02-2025. 2. ದರಪಟ್ಟಿ ನಮೂನೆಗಳನ್ನು ದಿನಾಂಕ: 03-03-2025 ರಿಂದ ಕಛೇರಿಯ ವೇಳೆಯಲ್ಲಿ ಪಡೆಯಬಹುದು. 3. ಭರ್ತಿ ಮಾಡಿದ ದರಪಟ್ಟಿಯನ್ನು ದಿನಾಂಕ: 05-03-2025 ರಂದು ಸಂಜೆ 4.00 ಗಂಟೆಯವರೆಗೆ ಸಲ್ಲಿಸಬಹುದು. 4. ಅಂದಾಜು ಮೊತ್ತ ರೂ. 5.00 ಲಕ್ಷ. 5. ಇ.ಎಂ.ಡಿ ಮೊತ್ತ: ರೂ. 10,000/-. 6. ದರಪಟ್ಟಿ ತೆರೆಯುವ ದಿನಾಂಕ: 07-03-2025 ರಂದು ಸಂಜೆ 4.00 ಗಂಟೆ. ಹೆಚ್ಚಿನ ವಿವರಗಳಿಗಾಗಿ ಕಛೇರಿಯನ್ನು ಸಂಪರ್ಕಿಸಬಹುದು.
ಸಹಿ/- ಉಪನಿರ್ದೇಶಕರು, ನಗರ ಕೇಂದ್ರ ಗ್ರಂಥಾಲಯ, ಕೇಂದ್ರ ವಲಯ, ಬೆಂಗಳೂರು
DIPR/CP/AAPLIRO5324/24-25
ನಿರ್ಮಿತಿ ಕೇಂದ್ರ, ರಾಯಚೂರು
ಜಿಲ್ಲಾ ಮಟ್ಟದ ಸಾಮಗ್ರಿ ಹಾಗೂ ತಂತ್ರಜ್ಞಾನ ವರ್ಗಾವಣೆ ಕೇಂದ್ರ
(ಕೇಂದ್ರ ಸರ್ಕಾರ ಹುಡ್ಕೊ ಅನುದಾನದಲ್ಲಿ ರಾಜ್ಯ ಸರ್ಕಾರದಿಂದ ಸ್ಥಾಪಿತವಾದ ಸ್ವಾಯತ್ತ ಸಂಸ್ಥೆ)
Sy.No.809(A), Bolmandoddi Road, RAICHUR- 584103,
e-Mail ID:pmnkrcr@gmail.com Project Manager- 8095470150
ಸಂ:ನಿಕೇರಾ:ಟೆಂಡರ್: CALL-2:2024-25	ದಿನಾಂಕ 19.02.2025
ಇ-ಟೆಂಡರ್ ಕರೆಯೋಲೆ
ಕ್ರ ಸಂ	ಸಂಗ್ರಹಣೆ ಮಾಡಬೇಕಾದ ವಿವರ	ಇಂಡೆಂಟ್ ಸಂಖ್ಯೆ	ಟೆಂಡರಿನ ಅಂದಾಜು ಮೊತ್ತ	ಟೆಂಡರ್ ಸಲ್ಲಿಸಲು ಕೊನೆಯ ದಿನಾಂಕ	ಹೆಚ್ಚಿನ ಮಾಹಿತಿಗಾಗಿ ಸಂಪರ್ಕಿಸಬೇಕಾದ ಇ-ಸಂಗ್ರಹಣಾ ವೆಬ್‌ಸೈಟ್ ಹಾಗೂ ಬಿಡ್ ಪೂರ್ವ ಸಭೆ ದಿನಾಂಕ ಮತ್ತು ಸ್ಥಳ
1	RO+UF PLANT	NKR/2024-25/IND0005	ರೂ.1,89,60,045/-	05.03.2025 @ 17.30 PM	https://kppp. karnataka.gov.in Pre-Bid Meeting Date 28-02-2025 @ 11:00 AM @ NK, Office Raichur
2	ONLINE UPS AND BATTERIES	NKR/2024-25/IND0006	ರೂ.13,21,458/-		
3	INTERACTIVE SMART BOARD	NKR/2024-25/IND0008	ರೂ. 23,00,000/-		
DIP/RCR/764/KSMC&A/765/2024-25	ಸಹಿ/- ಯೋಜನಾ ವ್ಯವಸ್ಥಾಪಕರು ನಿರ್ಮಿತಿ ಕೇಂದ್ರ ರಾಯಚೂರು
